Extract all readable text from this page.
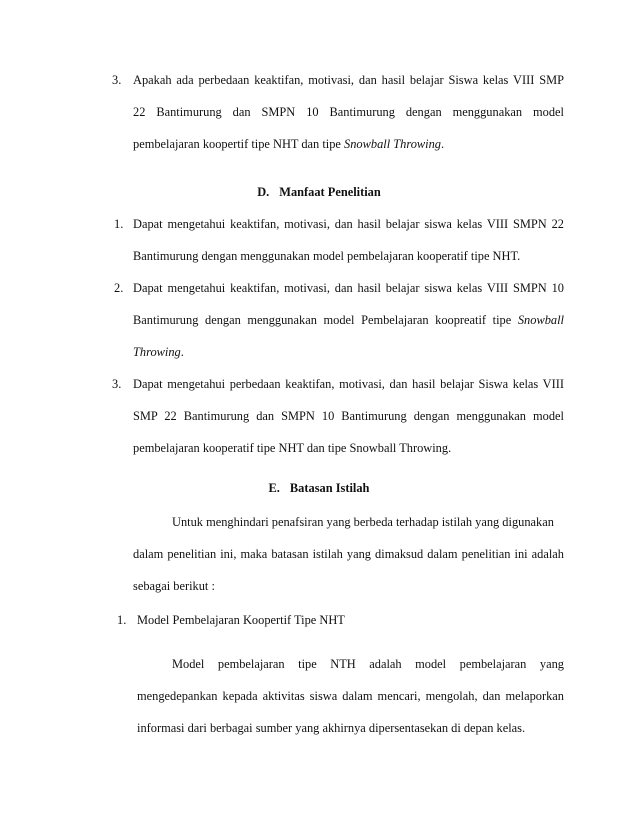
3. Apakah ada perbedaan keaktifan, motivasi, dan hasil belajar Siswa kelas VIII SMP
22 Bantimurung dan SMPN 10 Bantimurung dengan menggunakan model
pembelajaran koopertif tipe NHT dan tipe Snowball Throwing.
D. Manfaat Penelitian
1. Dapat mengetahui keaktifan, motivasi, dan hasil belajar siswa kelas VIII SMPN 22
Bantimurung dengan menggunakan model pembelajaran kooperatif tipe NHT.
2. Dapat mengetahui keaktifan, motivasi, dan hasil belajar siswa kelas VIII SMPN 10
Bantimurung dengan menggunakan model Pembelajaran koopreatif tipe Snowball
Throwing.
3. Dapat mengetahui perbedaan keaktifan, motivasi, dan hasil belajar Siswa kelas VIII
SMP 22 Bantimurung dan SMPN 10 Bantimurung dengan menggunakan model
pembelajaran kooperatif tipe NHT dan tipe Snowball Throwing.
E. Batasan Istilah
Untuk menghindari penafsiran yang berbeda terhadap istilah yang digunakan
dalam penelitian ini, maka batasan istilah yang dimaksud dalam penelitian ini adalah
sebagai berikut :
1. Model Pembelajaran Koopertif Tipe NHT
Model pembelajaran tipe NTH adalah model pembelajaran yang
mengedepankan kepada aktivitas siswa dalam mencari, mengolah, dan melaporkan
informasi dari berbagai sumber yang akhirnya dipersentasekan di depan kelas.
